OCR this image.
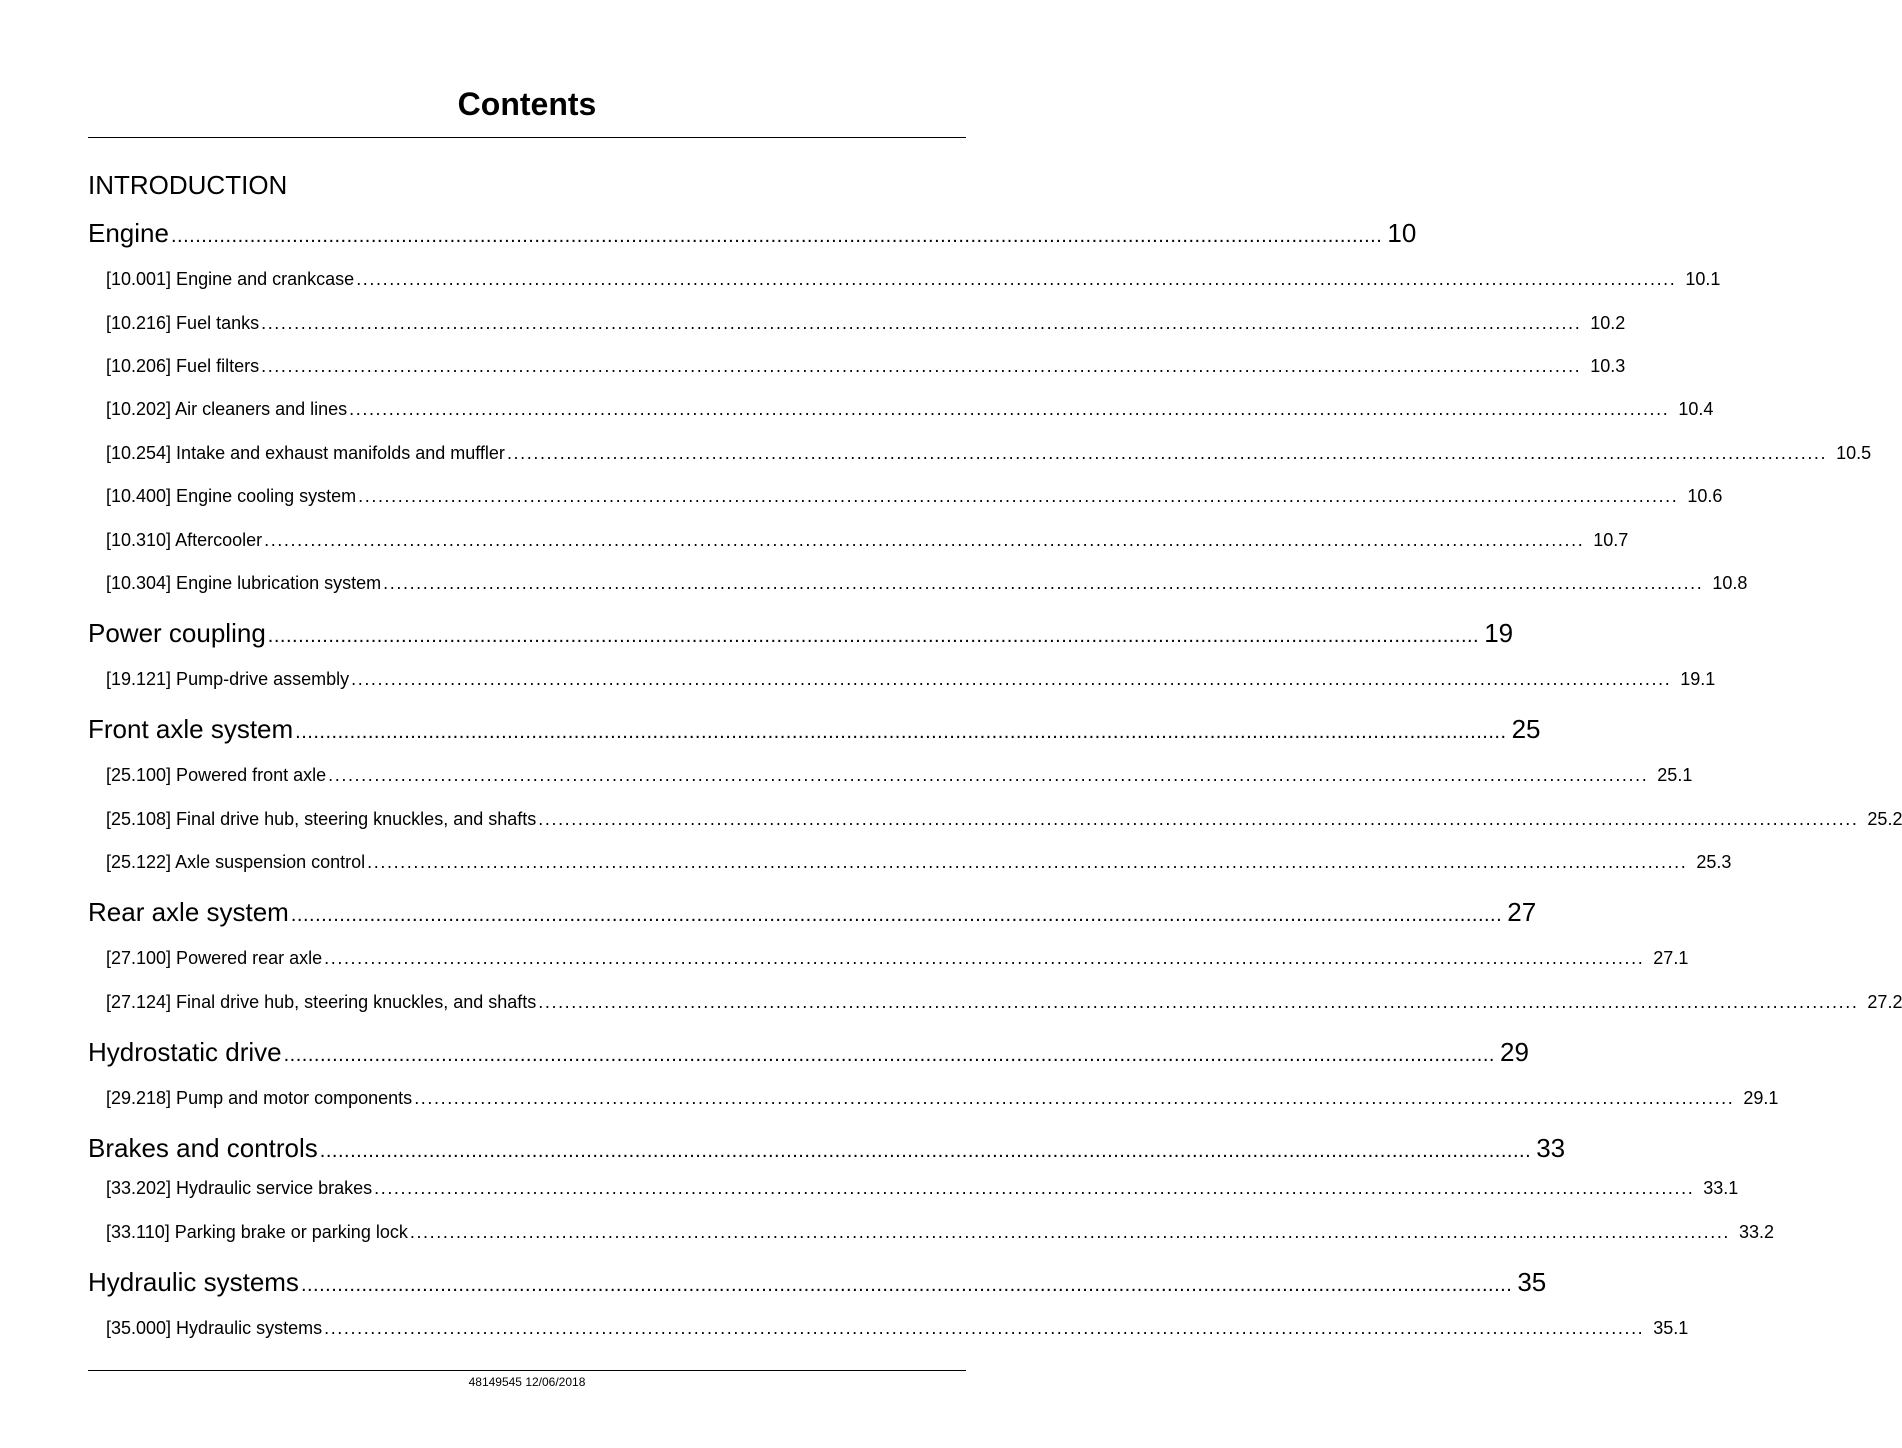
Contents
INTRODUCTION
Engine ........................................................................................................................................................................................................ 10
[10.001] Engine and crankcase ........................................................................................................................................................................................................ 10.1
[10.216] Fuel tanks ........................................................................................................................................................................................................ 10.2
[10.206] Fuel filters ........................................................................................................................................................................................................ 10.3
[10.202] Air cleaners and lines ........................................................................................................................................................................................................ 10.4
[10.254] Intake and exhaust manifolds and muffler ........................................................................................................................................................................................................ 10.5
[10.400] Engine cooling system ........................................................................................................................................................................................................ 10.6
[10.310] Aftercooler ........................................................................................................................................................................................................ 10.7
[10.304] Engine lubrication system ........................................................................................................................................................................................................ 10.8
Power coupling ........................................................................................................................................................................................................ 19
[19.121] Pump-drive assembly ........................................................................................................................................................................................................ 19.1
Front axle system ........................................................................................................................................................................................................ 25
[25.100] Powered front axle ........................................................................................................................................................................................................ 25.1
[25.108] Final drive hub, steering knuckles, and shafts ........................................................................................................................................................................................................ 25.2
[25.122] Axle suspension control ........................................................................................................................................................................................................ 25.3
Rear axle system ........................................................................................................................................................................................................ 27
[27.100] Powered rear axle ........................................................................................................................................................................................................ 27.1
[27.124] Final drive hub, steering knuckles, and shafts ........................................................................................................................................................................................................ 27.2
Hydrostatic drive ........................................................................................................................................................................................................ 29
[29.218] Pump and motor components ........................................................................................................................................................................................................ 29.1
Brakes and controls ........................................................................................................................................................................................................ 33
[33.202] Hydraulic service brakes ........................................................................................................................................................................................................ 33.1
[33.110] Parking brake or parking lock ........................................................................................................................................................................................................ 33.2
Hydraulic systems ........................................................................................................................................................................................................ 35
[35.000] Hydraulic systems ........................................................................................................................................................................................................ 35.1
48149545 12/06/2018
